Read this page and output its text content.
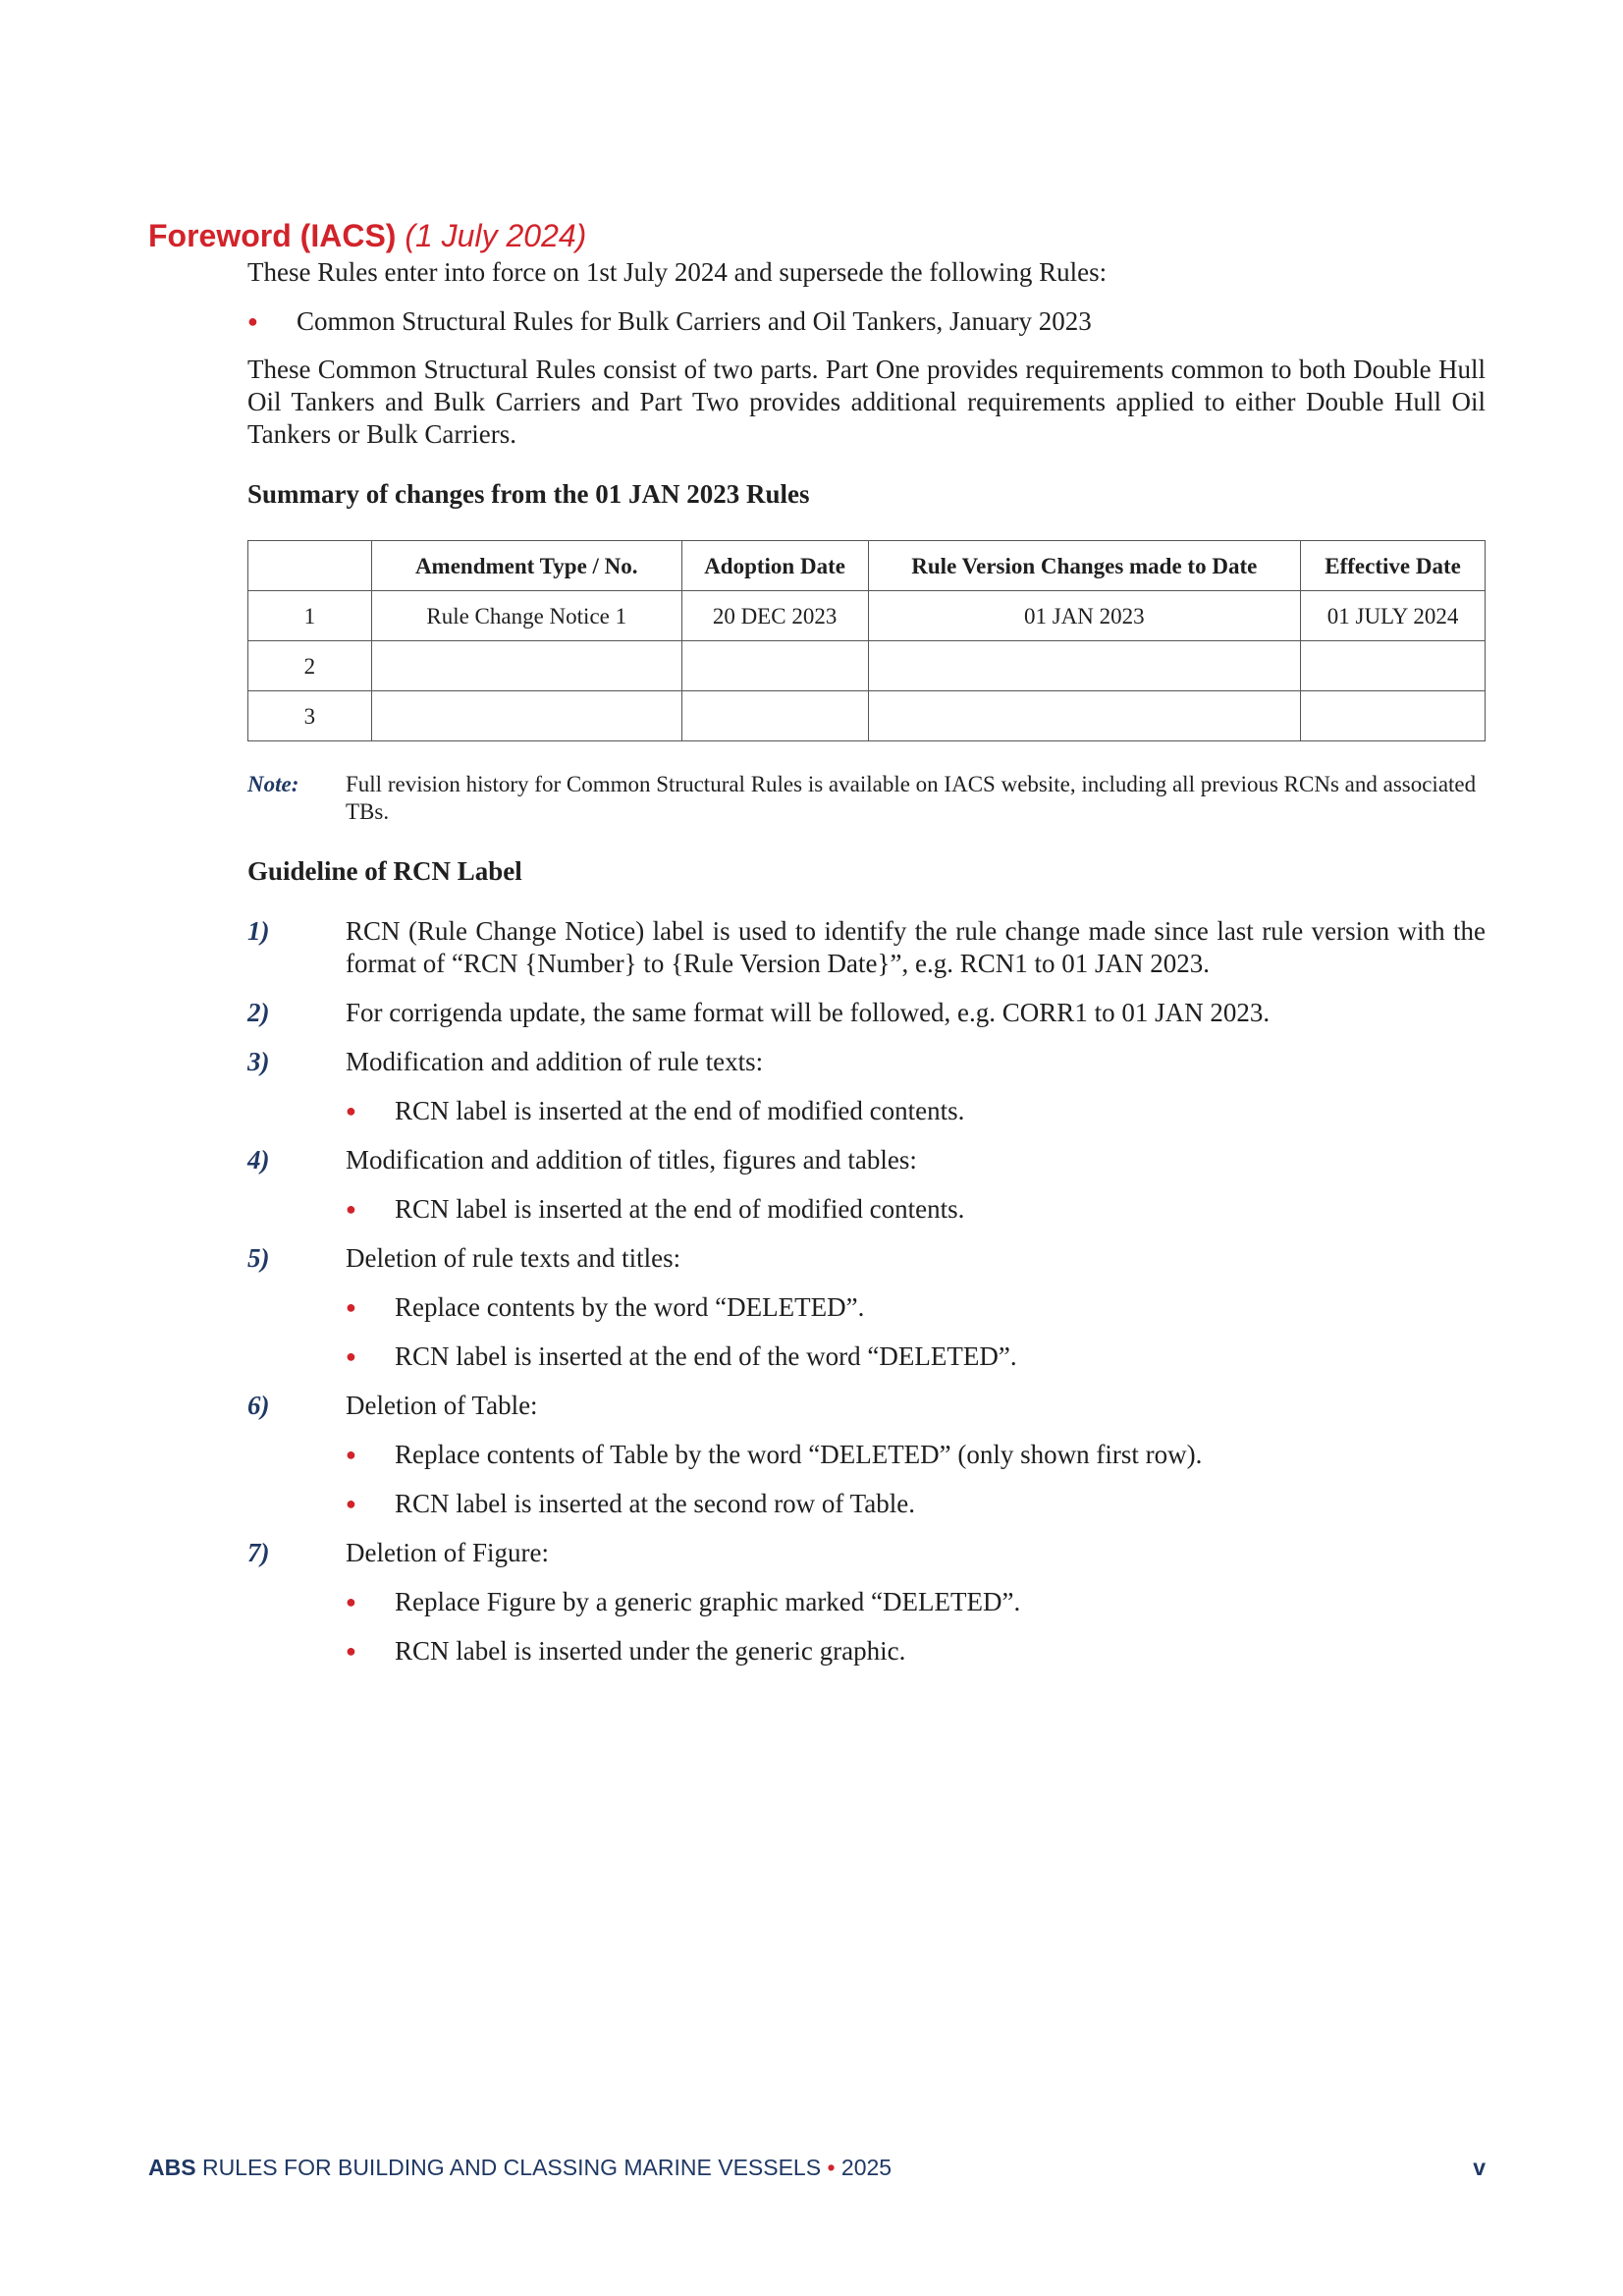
Foreword (IACS) (1 July 2024)

These Rules enter into force on 1st July 2024 and supersede the following Rules:

● Common Structural Rules for Bulk Carriers and Oil Tankers, January 2023

These Common Structural Rules consist of two parts. Part One provides requirements common to both Double Hull Oil Tankers and Bulk Carriers and Part Two provides additional requirements applied to either Double Hull Oil Tankers or Bulk Carriers.

Summary of changes from the 01 JAN 2023 Rules

	Amendment Type / No.	Adoption Date	Rule Version Changes made to Date	Effective Date
1	Rule Change Notice 1	20 DEC 2023	01 JAN 2023	01 JULY 2024
2				
3				
Note:	Full revision history for Common Structural Rules is available on IACS website, including all previous RCNs and associated TBs.

Guideline of RCN Label

1)	RCN (Rule Change Notice) label is used to identify the rule change made since last rule version with the format of “RCN {Number} to {Rule Version Date}”, e.g. RCN1 to 01 JAN 2023.
2)	For corrigenda update, the same format will be followed, e.g. CORR1 to 01 JAN 2023.
3)	Modification and addition of rule texts:
● RCN label is inserted at the end of modified contents.
4)	Modification and addition of titles, figures and tables:
● RCN label is inserted at the end of modified contents.
5)	Deletion of rule texts and titles:
● Replace contents by the word “DELETED”.
● RCN label is inserted at the end of the word “DELETED”.
6)	Deletion of Table:
● Replace contents of Table by the word “DELETED” (only shown first row).
● RCN label is inserted at the second row of Table.
7)	Deletion of Figure:
● Replace Figure by a generic graphic marked “DELETED”.
● RCN label is inserted under the generic graphic.
ABS RULES FOR BUILDING AND CLASSING MARINE VESSELS • 2025	v
